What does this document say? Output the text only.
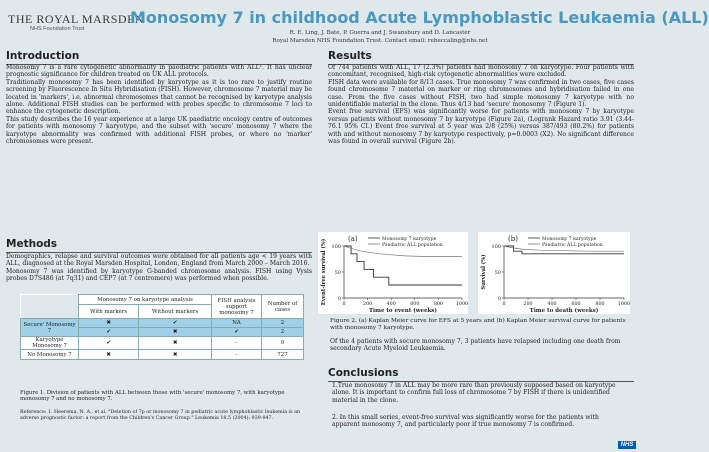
THE ROYAL MARSDEN
NHS Foundation Trust
Monosomy 7 in childhood Acute Lymphoblastic Leukaemia (ALL)
R. E. Ling, J. Bate, P. Guerra and J. Swansbury and D. Lancaster
Royal Marsden NHS Foundation Trust. Contact email: rebeccaling@nhs.net
Introduction

Monosomy 7 is a rare cytogenetic abnormality in paediatric patients with ALL¹. It has unclear prognostic significance for children treated on UK ALL protocols.

Traditionally monosomy 7 has been identified by karyotype as it is too rare to justify routine screening by Fluorescence In Situ Hybridisation (FISH). However, chromosome 7 material may be located in 'markers', i.e. abnormal chromosomes that cannot be recognised by karyotype analysis alone. Additional FISH studies can be performed with probes specific to chromosome 7 loci to enhance the cytogenetic description.

This study describes the 16 year experience at a large UK paediatric oncology centre of outcomes for patients with monosomy 7 karyotype, and the subset with 'secure' monosomy 7 where the karyotype abnormality was confirmed with additional FISH probes, or where no 'marker' chromosomes were present.

Methods

Demographics, relapse and survival outcomes were obtained for all patients age < 19 years with ALL, diagnosed at the Royal Marsden Hospital, London, England from March 2000 – March 2016.

Monosomy 7 was identified by karyotype G-banded chromosome analysis. FISH using Vysis probes D7S486 (at 7q31) and CEP7 (at 7 centromere) was performed when possible.

	Monosomy 7 on karyotype analysis		FISH analysis support monosomy 7	Number of cases
	With markers	Without markers		
Secure' Monosomy 7	✖	✔	NA	2
	✔	✖	✔	2
Karyotype Monosomy 7	✔	✖	-	9
No Monosomy 7	✖	✖	-	727
Figure 1. Division of patients with ALL between those with 'secure' monosomy 7, with karyotype monosomy 7 and no monosomy 7.
Reference: 1. Heerema, N. A., et al. "Deletion of 7p or monosomy 7 in pediatric acute lymphoblastic leukemia is an adverse prognostic factor: a report from the Children's Cancer Group." Leukemia 18.5 (2004): 939-947.
Results

Of 744 patients with ALL, 17 (2.3%) patients had monosomy 7 on karyotype. Four patients with concomitant, recognised, high-risk cytogenetic abnormalities were excluded.

FISH data were available for 8/13 cases. True monosomy 7 was confirmed in two cases, five cases found chromosome 7 material on marker or ring chromosomes and hybridisation failed in one case. From the five cases without FISH, two had simple monosomy 7 karyotype with no unidentifiable material in the clone. Thus 4/13 had 'secure' monosomy 7 (Figure 1).

Event free survival (EFS) was significantly worse for patients with monosomy 7 by karyotype versus patients without monosomy 7 by karyotype (Figure 2a), (Logrank Hazard ratio 3.91 (3.44-76.1 95% CI.) Event free survival at 5 year was 2/8 (25%) versus 387/493 (80.2%) for patients with and without monosomy 7 by karyotype respectively, p=0.0003 (X2). No significant difference was found in overall survival (Figure 2b).

(a)
0
50
100
0	200	400	600	800	1000
Time to event (weeks)
Event-free survival (%)	Monosomy 7 karyotype
Paediatric ALL population
(b)
0
50
100
0	200	400	600	800	1000
Time to death (weeks)
Survival (%)
Monosomy 7 karyotype
Paediatric ALL population
Figure 2. (a) Kaplan Meier curve for EFS at 5 years and (b) Kaplan Meier survival curve for patients with monosomy 7 karyotype.
Of the 4 patients with secure monosomy 7, 3 patients have relapsed including one death from secondary Acute Myeloid Leukaemia.
Conclusions
1.True monosomy 7 in ALL may be more rare than previously supposed based on karyotype alone. It is important to confirm full loss of chromosome 7 by FISH if there is unidentified material in the clone.
2. In this small series, event-free survival was significantly worse for the patients with apparent monosomy 7, and particularly poor if true monosomy 7 is confirmed.
NHS
